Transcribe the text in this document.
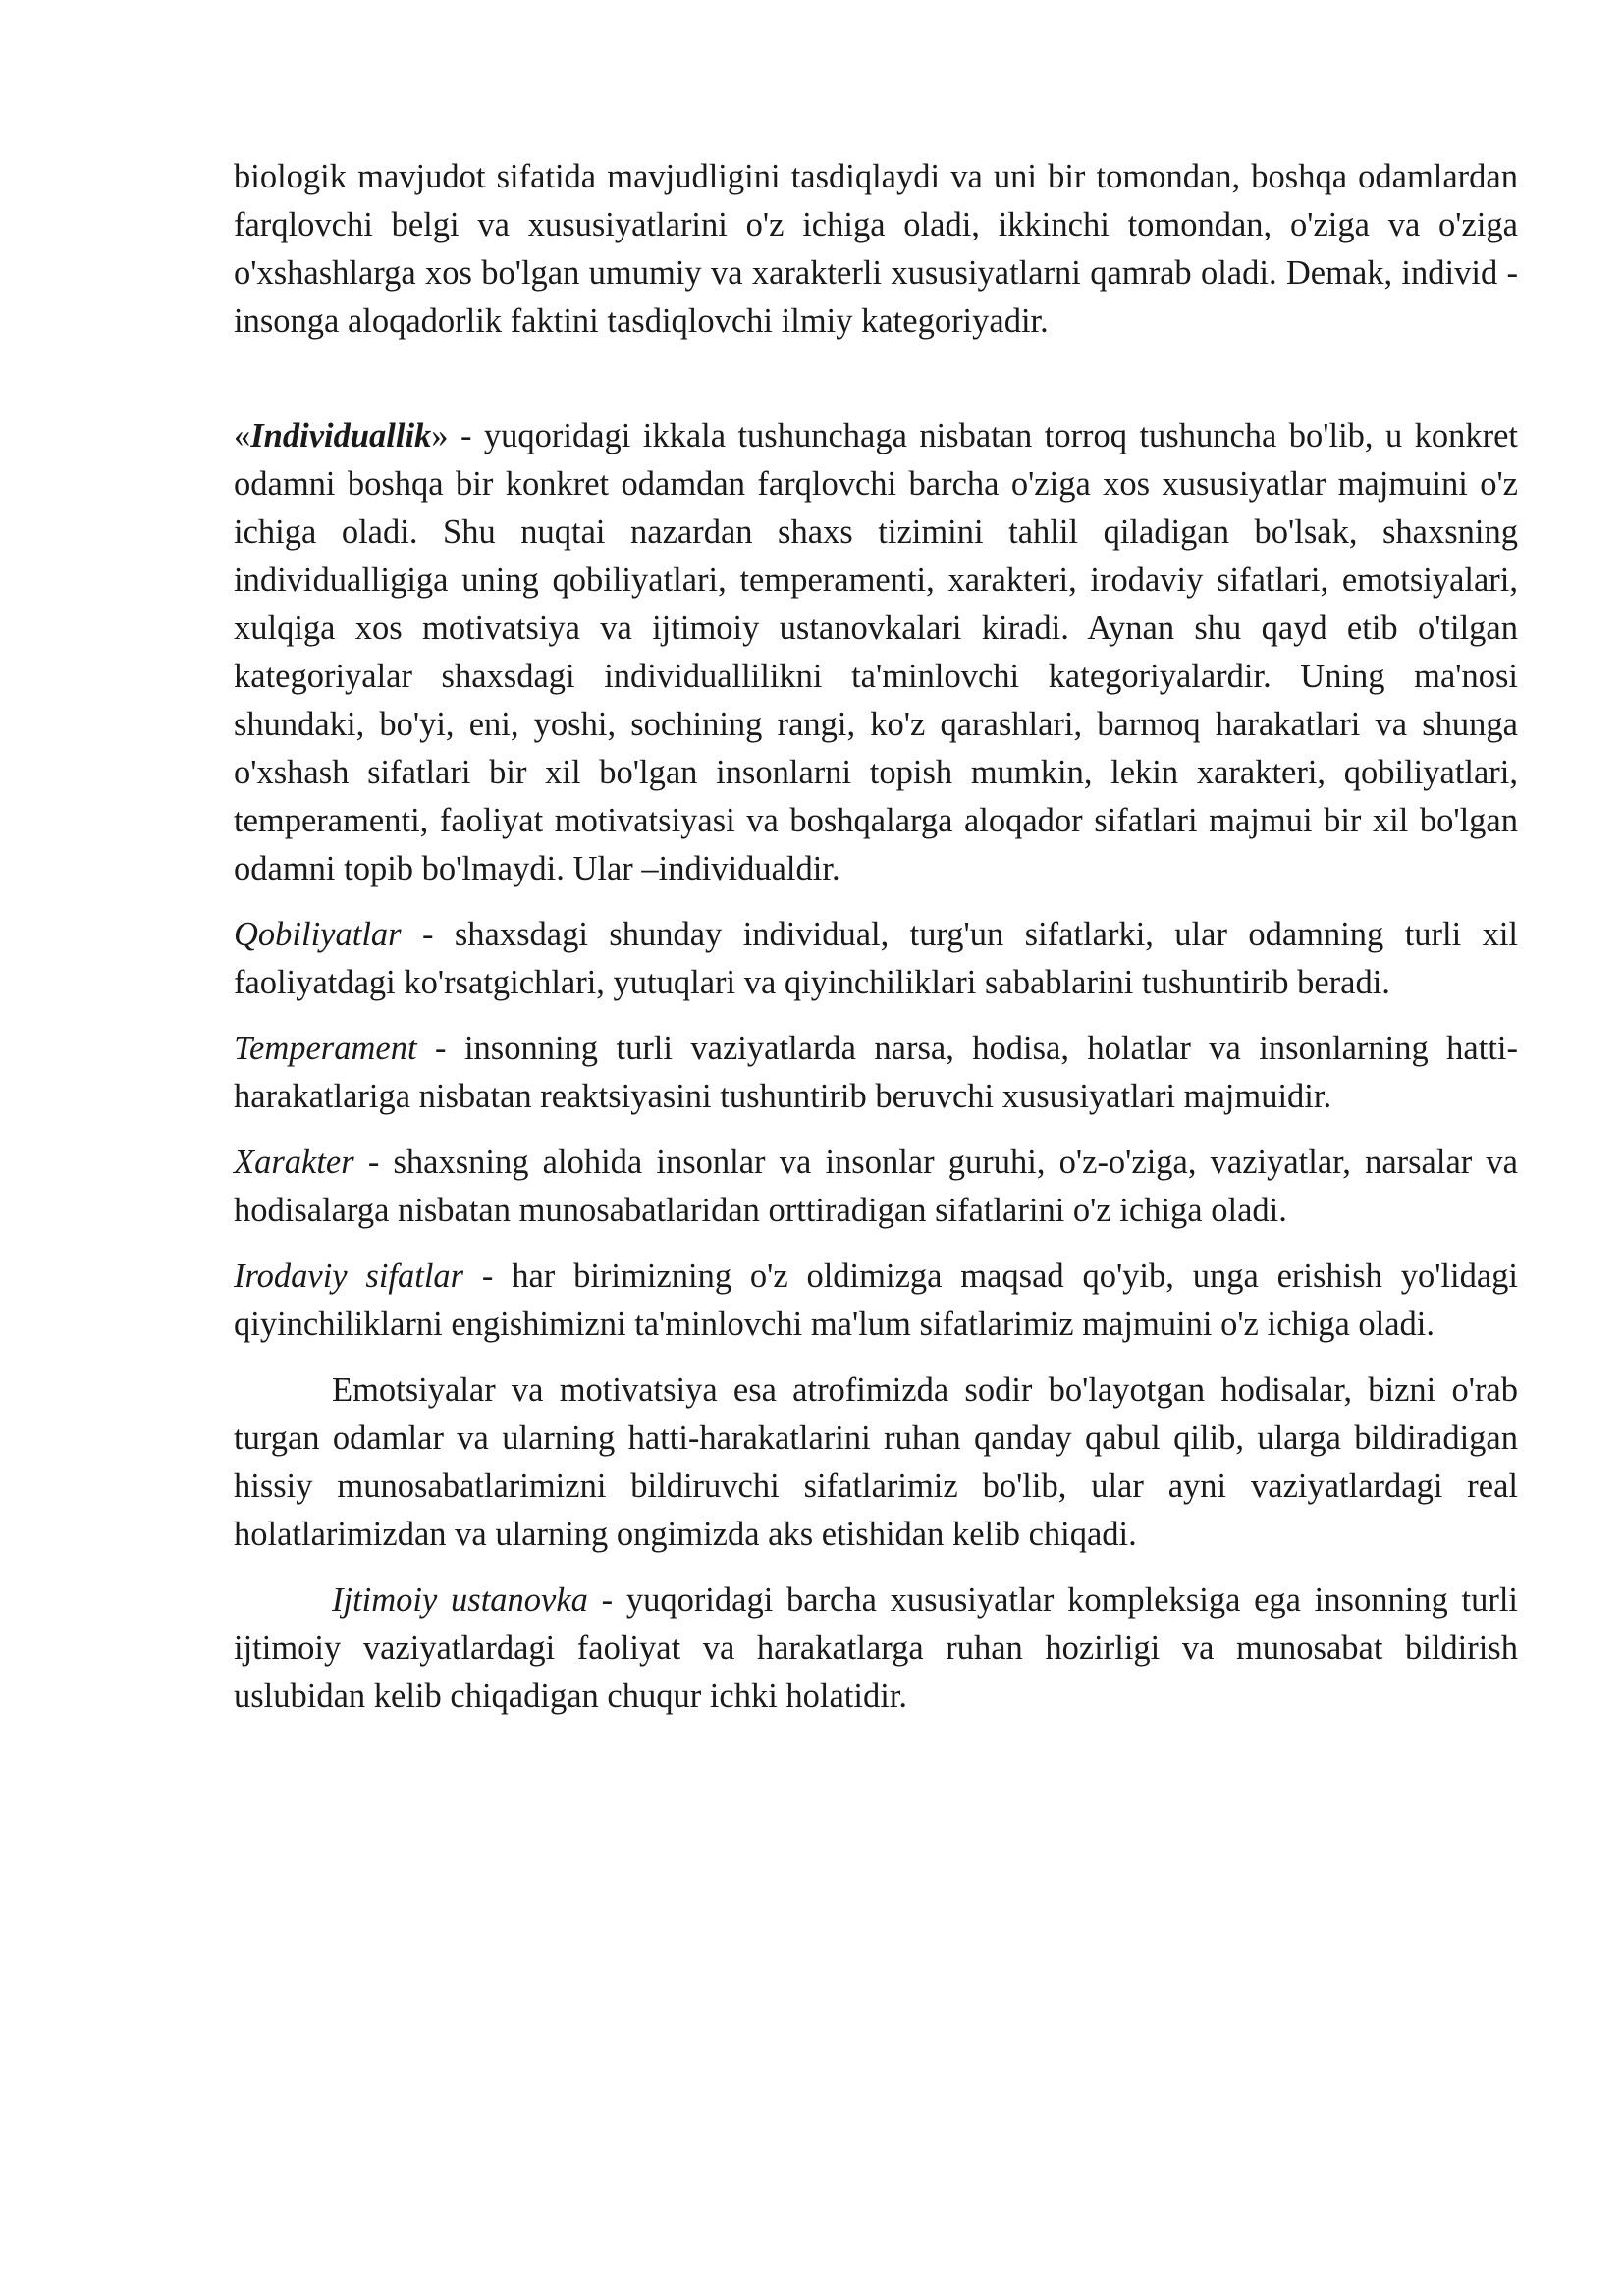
biologik mavjudot sifatida mavjudligini tasdiqlaydi va uni bir tomondan, boshqa odamlardan farqlovchi belgi va xususiyatlarini o'z ichiga oladi, ikkinchi tomondan, o'ziga va o'ziga o'xshashlarga xos bo'lgan umumiy va xarakterli xususiyatlarni qamrab oladi. Demak, individ - insonga aloqadorlik faktini tasdiqlovchi ilmiy kategoriyadir.

«Individuallik» - yuqoridagi ikkala tushunchaga nisbatan torroq tushuncha bo'lib, u konkret odamni boshqa bir konkret odamdan farqlovchi barcha o'ziga xos xususiyatlar majmuini o'z ichiga oladi. Shu nuqtai nazardan shaxs tizimini tahlil qiladigan bo'lsak, shaxsning individualligiga uning qobiliyatlari, temperamenti, xarakteri, irodaviy sifatlari, emotsiyalari, xulqiga xos motivatsiya va ijtimoiy ustanovkalari kiradi. Aynan shu qayd etib o'tilgan kategoriyalar shaxsdagi individuallilikni ta'minlovchi kategoriyalardir. Uning ma'nosi shundaki, bo'yi, eni, yoshi, sochining rangi, ko'z qarashlari, barmoq harakatlari va shunga o'xshash sifatlari bir xil bo'lgan insonlarni topish mumkin, lekin xarakteri, qobiliyatlari, temperamenti, faoliyat motivatsiyasi va boshqalarga aloqador sifatlari majmui bir xil bo'lgan odamni topib bo'lmaydi. Ular –individualdir.

Qobiliyatlar - shaxsdagi shunday individual, turg'un sifatlarki, ular odamning turli xil faoliyatdagi ko'rsatgichlari, yutuqlari va qiyinchiliklari sabablarini tushuntirib beradi.

Temperament - insonning turli vaziyatlarda narsa, hodisa, holatlar va insonlarning hatti-harakatlariga nisbatan reaktsiyasini tushuntirib beruvchi xususiyatlari majmuidir.

Xarakter - shaxsning alohida insonlar va insonlar guruhi, o'z-o'ziga, vaziyatlar, narsalar va hodisalarga nisbatan munosabatlaridan orttiradigan sifatlarini o'z ichiga oladi.

Irodaviy sifatlar - har birimizning o'z oldimizga maqsad qo'yib, unga erishish yo'lidagi qiyinchiliklarni engishimizni ta'minlovchi ma'lum sifatlarimiz majmuini o'z ichiga oladi.

Emotsiyalar va motivatsiya esa atrofimizda sodir bo'layotgan hodisalar, bizni o'rab turgan odamlar va ularning hatti-harakatlarini ruhan qanday qabul qilib, ularga bildiradigan hissiy munosabatlarimizni bildiruvchi sifatlarimiz bo'lib, ular ayni vaziyatlardagi real holatlarimizdan va ularning ongimizda aks etishidan kelib chiqadi.

Ijtimoiy ustanovka - yuqoridagi barcha xususiyatlar kompleksiga ega insonning turli ijtimoiy vaziyatlardagi faoliyat va harakatlarga ruhan hozirligi va munosabat bildirish uslubidan kelib chiqadigan chuqur ichki holatidir.
